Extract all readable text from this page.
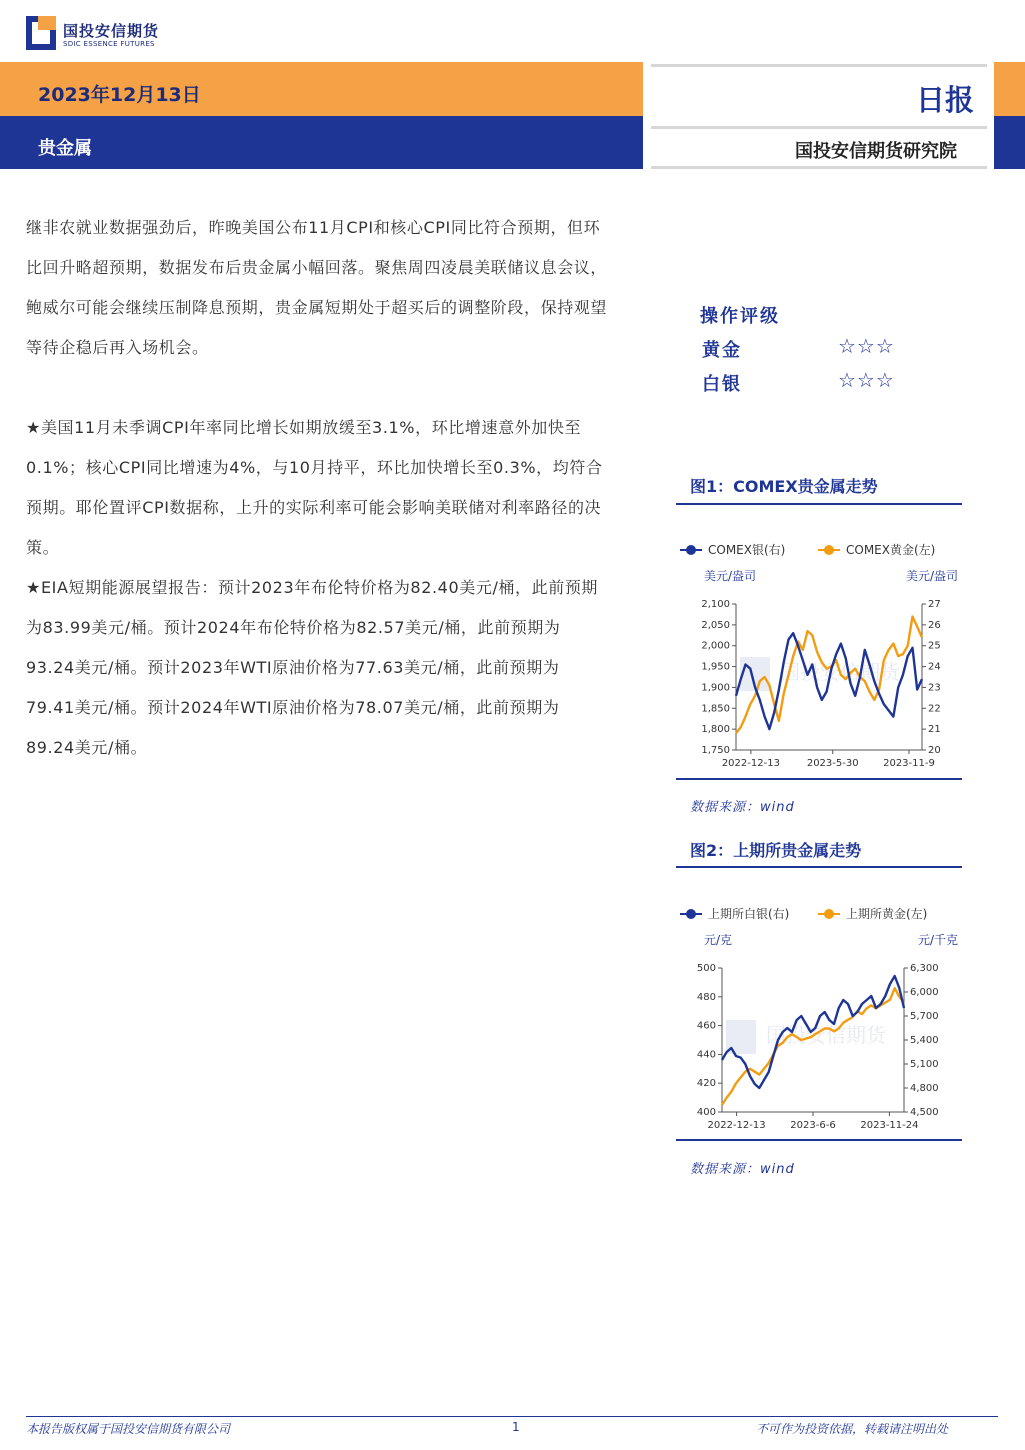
国投安信期货
SDIC ESSENCE FUTURES
2023年12月13日
贵金属
日报
国投安信期货研究院
继非农就业数据强劲后，昨晚美国公布11月CPI和核心CPI同比符合预期，但环比回升略超预期，数据发布后贵金属小幅回落。聚焦周四凌晨美联储议息会议，鲍威尔可能会继续压制降息预期，贵金属短期处于超买后的调整阶段，保持观望等待企稳后再入场机会。
★美国11月未季调CPI年率同比增长如期放缓至3.1%，环比增速意外加快至0.1%；核心CPI同比增速为4%，与10月持平，环比加快增长至0.3%，均符合预期。耶伦置评CPI数据称，上升的实际利率可能会影响美联储对利率路径的决策。
★EIA短期能源展望报告：预计2023年布伦特价格为82.40美元/桶，此前预期为83.99美元/桶。预计2024年布伦特价格为82.57美元/桶，此前预期为93.24美元/桶。预计2023年WTI原油价格为77.63美元/桶，此前预期为79.41美元/桶。预计2024年WTI原油价格为78.07美元/桶，此前预期为89.24美元/桶。
操作评级
黄金	☆☆☆
白银	☆☆☆
图1：COMEX贵金属走势
COMEX银(右)	COMEX黄金(左)
美元/盎司	美元/盎司
国投安信期货
2,100
2,050
2,000
1,950
1,900
1,850
1,800
1,750
27
26
25
24
23
22
21
20
2022-12-13	2023-5-30 2023-11-9
数据来源：wind
图2：上期所贵金属走势
上期所白银(右)	上期所黄金(左)
元/克	元/千克
国投安信期货
500
480
460
440
420
400
6,300
6,000
5,700
5,400
5,100
4,800
4,500
2022-12-13 2023-6-6 2023-11-24
数据来源：wind
本报告版权属于国投安信期货有限公司	1	不可作为投资依据，转载请注明出处
